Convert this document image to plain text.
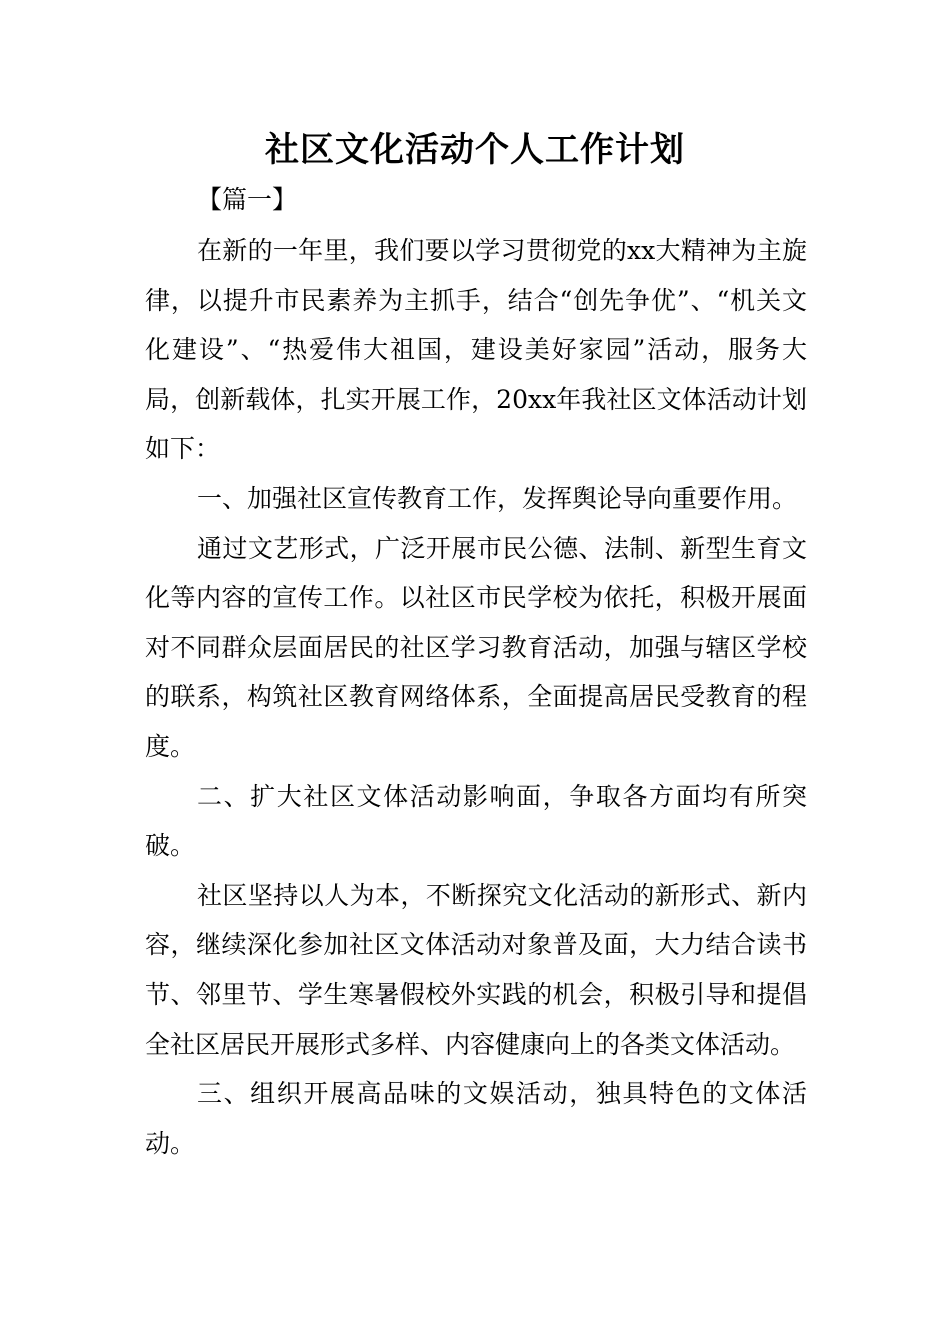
社区文化活动个人工作计划

【篇一】

在新的一年里，我们要以学习贯彻党的xx大精神为主旋律，以提升市民素养为主抓手，结合“创先争优”、“机关文化建设”、“热爱伟大祖国，建设美好家园”活动，服务大局，创新载体，扎实开展工作，20xx年我社区文体活动计划如下：

一、加强社区宣传教育工作，发挥舆论导向重要作用。

通过文艺形式，广泛开展市民公德、法制、新型生育文化等内容的宣传工作。以社区市民学校为依托，积极开展面对不同群众层面居民的社区学习教育活动，加强与辖区学校的联系，构筑社区教育网络体系，全面提高居民受教育的程度。

二、扩大社区文体活动影响面，争取各方面均有所突破。

社区坚持以人为本，不断探究文化活动的新形式、新内容，继续深化参加社区文体活动对象普及面，大力结合读书节、邻里节、学生寒暑假校外实践的机会，积极引导和提倡全社区居民开展形式多样、内容健康向上的各类文体活动。

三、组织开展高品味的文娱活动，独具特色的文体活动。
